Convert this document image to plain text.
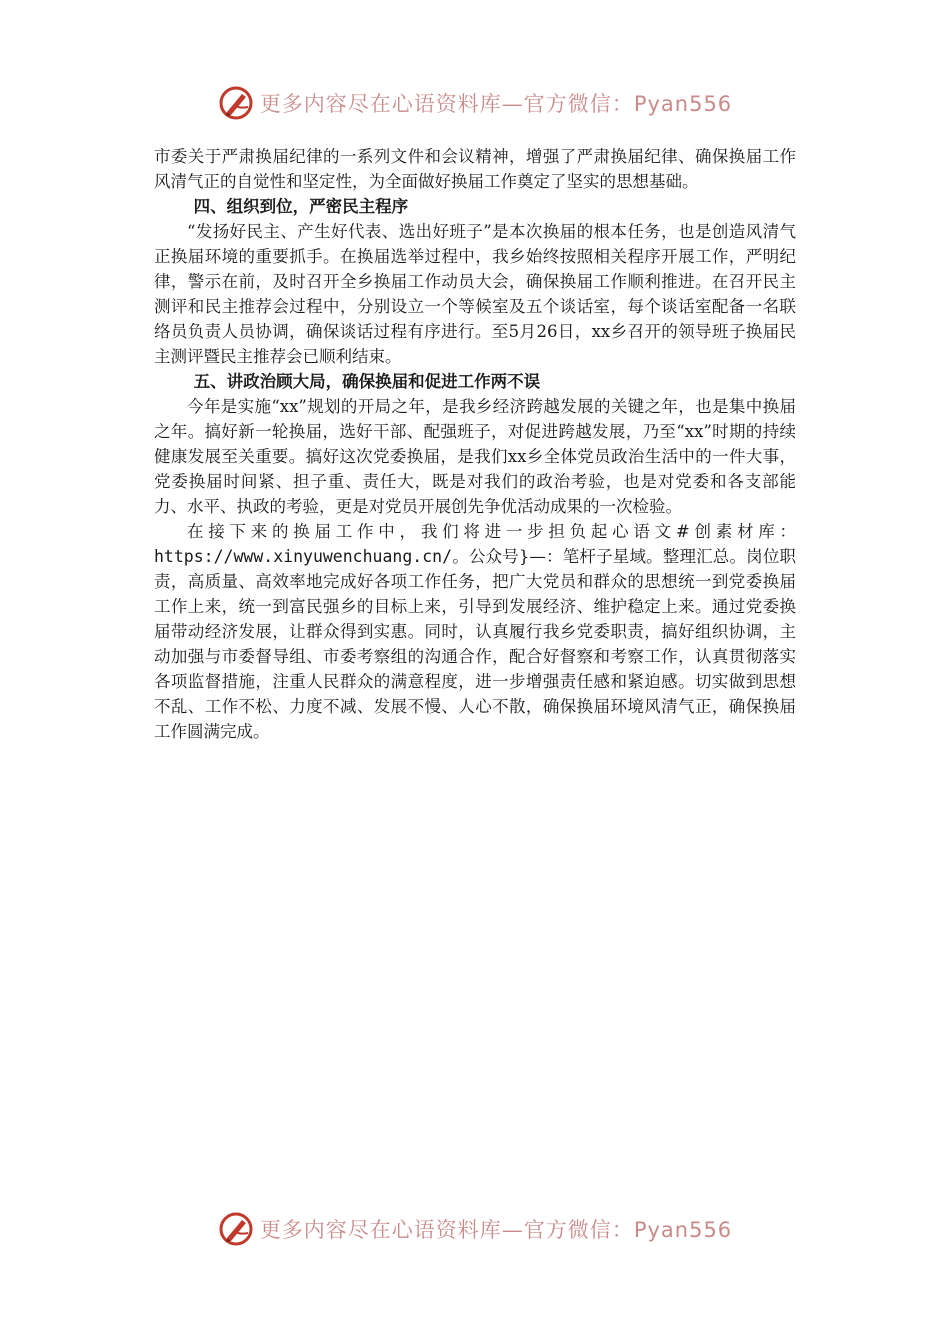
更多内容尽在心语资料库—官方微信：Pyan556

市委关于严肃换届纪律的一系列文件和会议精神，增强了严肃换届纪律、确保换届工作风清气正的自觉性和坚定性，为全面做好换届工作奠定了坚实的思想基础。

四、组织到位，严密民主程序

“发扬好民主、产生好代表、选出好班子”是本次换届的根本任务，也是创造风清气正换届环境的重要抓手。在换届选举过程中，我乡始终按照相关程序开展工作，严明纪律，警示在前，及时召开全乡换届工作动员大会，确保换届工作顺利推进。在召开民主测评和民主推荐会过程中，分别设立一个等候室及五个谈话室，每个谈话室配备一名联络员负责人员协调，确保谈话过程有序进行。至5月26日，xx乡召开的领导班子换届民主测评暨民主推荐会已顺利结束。

五、讲政治顾大局，确保换届和促进工作两不误

今年是实施“xx”规划的开局之年，是我乡经济跨越发展的关键之年，也是集中换届之年。搞好新一轮换届，选好干部、配强班子，对促进跨越发展，乃至“xx”时期的持续健康发展至关重要。搞好这次党委换届，是我们xx乡全体党员政治生活中的一件大事，党委换届时间紧、担子重、责任大，既是对我们的政治考验，也是对党委和各支部能力、水平、执政的考验，更是对党员开展创先争优活动成果的一次检验。

在接下来的换届工作中，我们将进一步担负起心语文#创素材库：https://www.xinyuwenchuang.cn/。公众号}—：笔杆子星域。整理汇总。岗位职责，高质量、高效率地完成好各项工作任务，把广大党员和群众的思想统一到党委换届工作上来，统一到富民强乡的目标上来，引导到发展经济、维护稳定上来。通过党委换届带动经济发展，让群众得到实惠。同时，认真履行我乡党委职责，搞好组织协调，主动加强与市委督导组、市委考察组的沟通合作，配合好督察和考察工作，认真贯彻落实各项监督措施，注重人民群众的满意程度，进一步增强责任感和紧迫感。切实做到思想不乱、工作不松、力度不减、发展不慢、人心不散，确保换届环境风清气正，确保换届工作圆满完成。

更多内容尽在心语资料库—官方微信：Pyan556
